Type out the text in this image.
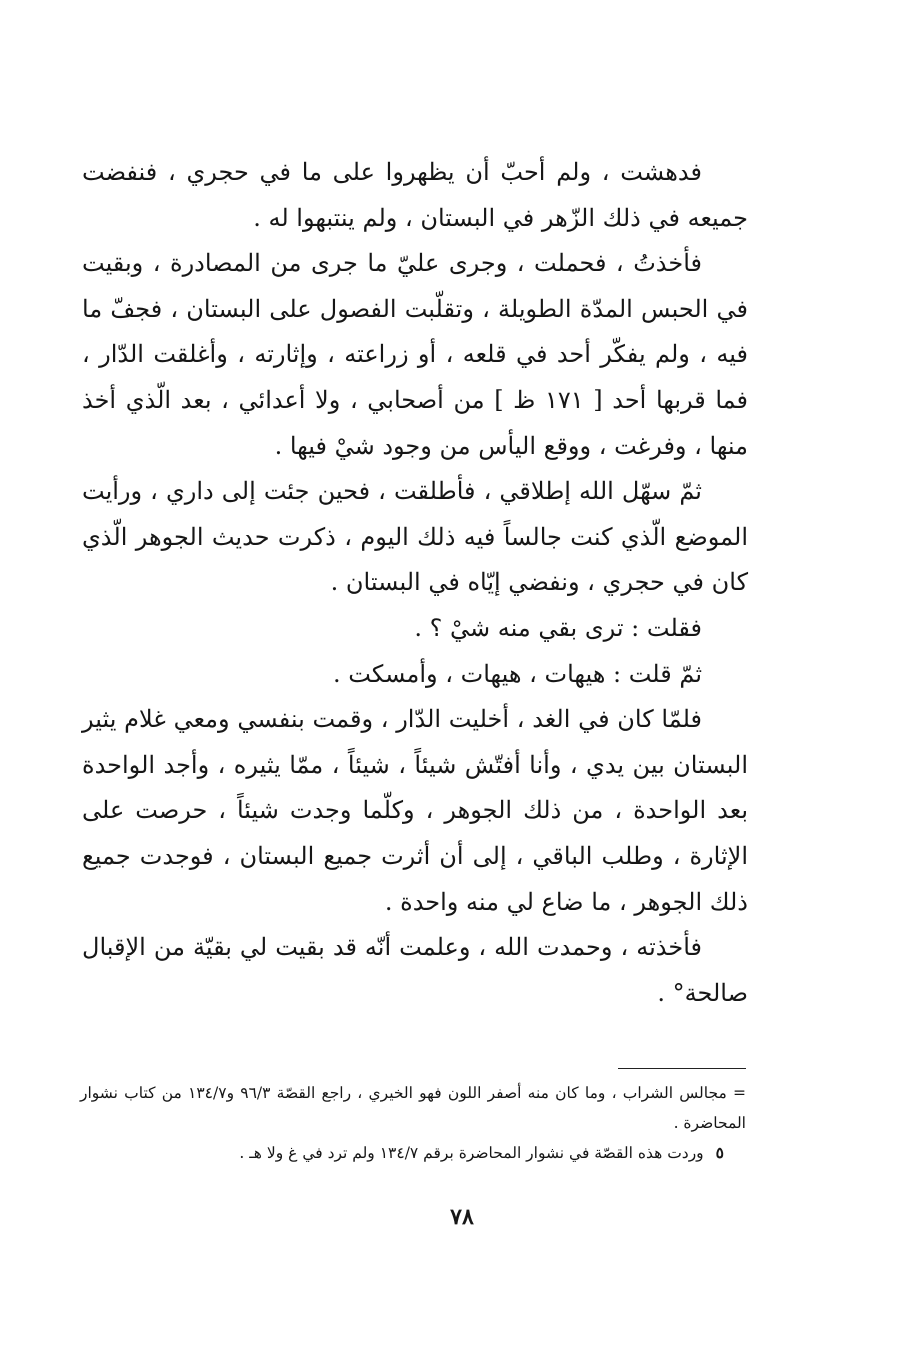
فدهشت ، ولم أحبّ أن يظهروا على ما في حجري ، فنفضت جميعه في ذلك الزّهر في البستان ، ولم ينتبهوا له .

فأخذتُ ، فحملت ، وجرى عليّ ما جرى من المصادرة ، وبقيت في الحبس المدّة الطويلة ، وتقلّبت الفصول على البستان ، فجفّ ما فيه ، ولم يفكّر أحد في قلعه ، أو زراعته ، وإثارته ، وأغلقت الدّار ، فما قربها أحد [ ١٧١ ظ ] من أصحابي ، ولا أعدائي ، بعد الّذي أخذ منها ، وفرغت ، ووقع اليأس من وجود شيْ فيها .

ثمّ سهّل الله إطلاقي ، فأطلقت ، فحين جئت إلى داري ، ورأيت الموضع الّذي كنت جالساً فيه ذلك اليوم ، ذكرت حديث الجوهر الّذي كان في حجري ، ونفضي إيّاه في البستان .

فقلت : ترى بقي منه شيْ ؟ .

ثمّ قلت : هيهات ، هيهات ، وأمسكت .

فلمّا كان في الغد ، أخليت الدّار ، وقمت بنفسي ومعي غلام يثير البستان بين يدي ، وأنا أفتّش شيئاً ، شيئاً ، ممّا يثيره ، وأجد الواحدة بعد الواحدة ، من ذلك الجوهر ، وكلّما وجدت شيئاً ، حرصت على الإثارة ، وطلب الباقي ، إلى أن أثرت جميع البستان ، فوجدت جميع ذلك الجوهر ، ما ضاع لي منه واحدة .

فأخذته ، وحمدت الله ، وعلمت أنّه قد بقيت لي بقيّة من الإقبال صالحة° .

= مجالس الشراب ، وما كان منه أصفر اللون فهو الخيري ، راجع القصّة ٩٦/٣ و١٣٤/٧ من كتاب نشوار المحاضرة .

٥وردت هذه القصّة في نشوار المحاضرة برقم ١٣٤/٧ ولم ترد في غ ولا هـ .

٧٨
